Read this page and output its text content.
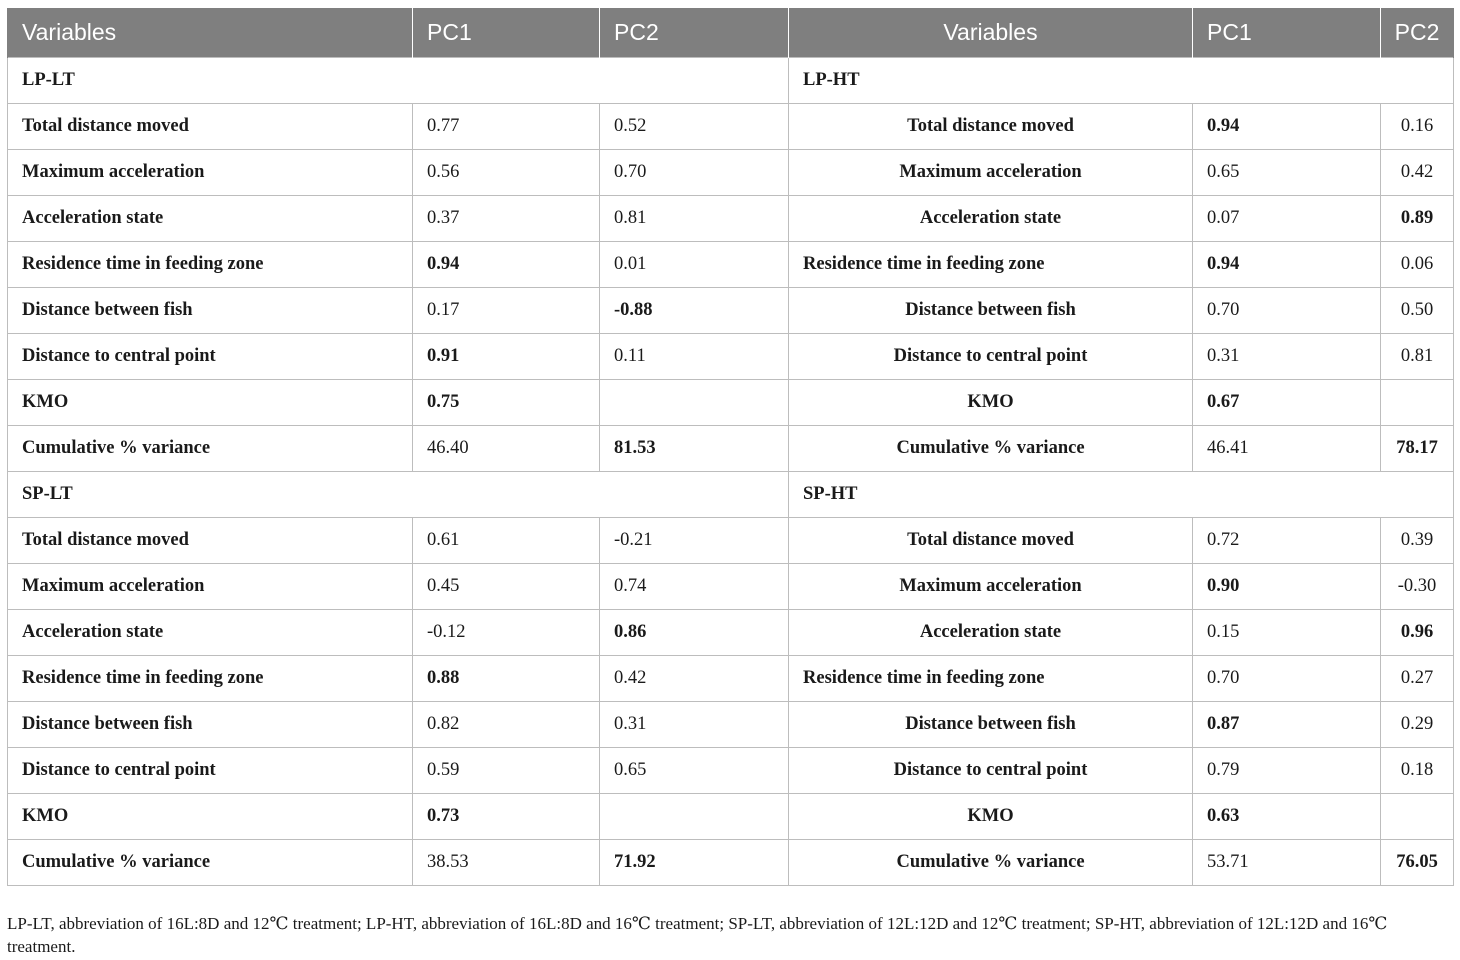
Variables	PC1	PC2	Variables	PC1	PC2
LP-LT			LP-HT		
Total distance moved	0.77	0.52	Total distance moved	0.94	0.16
Maximum acceleration	0.56	0.70	Maximum acceleration	0.65	0.42
Acceleration state	0.37	0.81	Acceleration state	0.07	0.89
Residence time in feeding zone	0.94	0.01	Residence time in feeding zone	0.94	0.06
Distance between fish	0.17	-0.88	Distance between fish	0.70	0.50
Distance to central point	0.91	0.11	Distance to central point	0.31	0.81
KMO	0.75		KMO	0.67	
Cumulative % variance	46.40	81.53	Cumulative % variance	46.41	78.17
SP-LT			SP-HT		
Total distance moved	0.61	-0.21	Total distance moved	0.72	0.39
Maximum acceleration	0.45	0.74	Maximum acceleration	0.90	-0.30
Acceleration state	-0.12	0.86	Acceleration state	0.15	0.96
Residence time in feeding zone	0.88	0.42	Residence time in feeding zone	0.70	0.27
Distance between fish	0.82	0.31	Distance between fish	0.87	0.29
Distance to central point	0.59	0.65	Distance to central point	0.79	0.18
KMO	0.73		KMO	0.63	
Cumulative % variance	38.53	71.92	Cumulative % variance	53.71	76.05

LP-LT, abbreviation of 16L:8D and 12℃ treatment; LP-HT, abbreviation of 16L:8D and 16℃ treatment; SP-LT, abbreviation of 12L:12D and 12℃ treatment; SP-HT, abbreviation of 12L:12D and 16℃ treatment.
